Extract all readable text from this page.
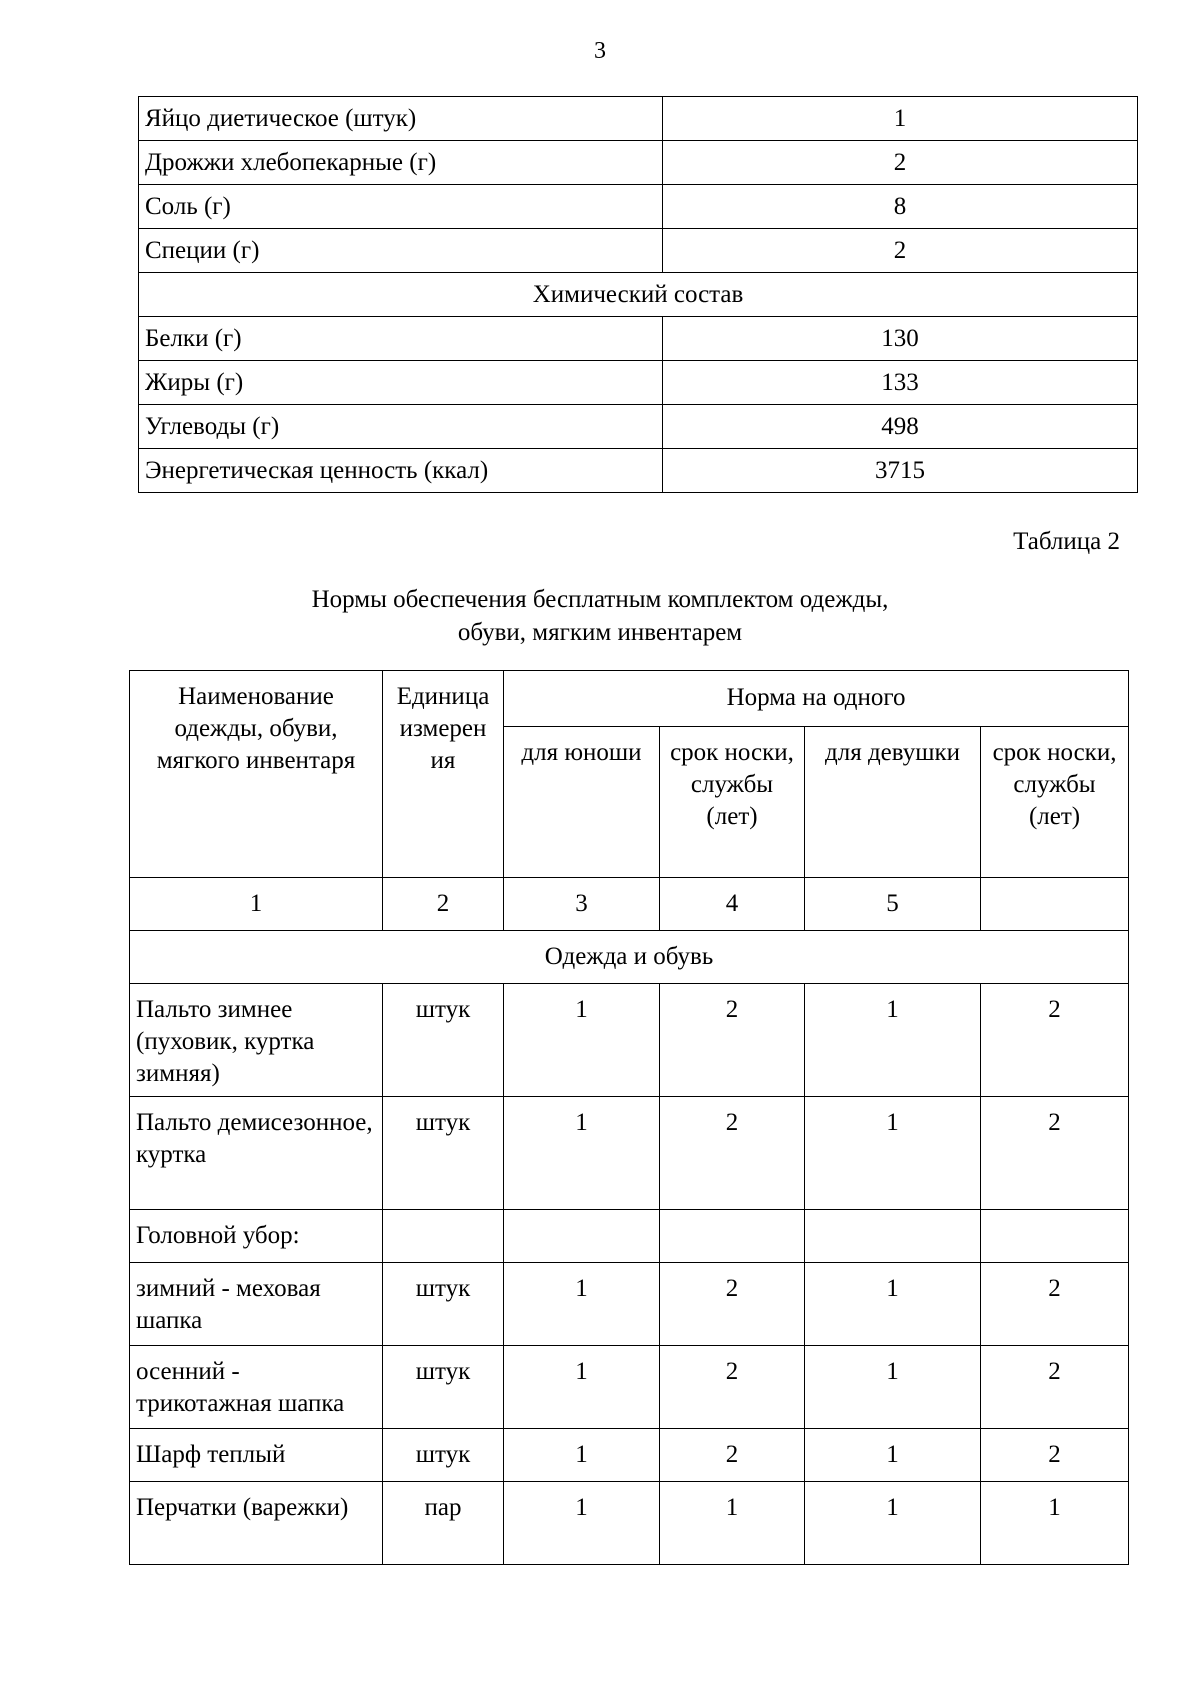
3
Яйцо диетическое (штук)	1
Дрожжи хлебопекарные (г)	2
Соль (г)	8
Специи (г)	2
Химический состав	
Белки (г)	130
Жиры (г)	133
Углеводы (г)	498
Энергетическая ценность (ккал)	3715
Таблица 2
Нормы обеспечения бесплатным комплектом одежды,
обуви, мягким инвентарем
Наименование одежды, обуви, мягкого инвентаря	Единица измерен ия	Норма на одного			
		для юноши	срок носки, службы (лет)	для девушки	срок носки, службы (лет)
1	2	3	4	5	
Одежда и обувь					
Пальто зимнее (пуховик, куртка зимняя)	штук	1	2	1	2
Пальто демисезонное, куртка	штук	1	2	1	2
Головной убор:					
зимний - меховая шапка	штук	1	2	1	2
осенний - трикотажная шапка	штук	1	2	1	2
Шарф теплый	штук	1	2	1	2
Перчатки (варежки)	пар	1	1	1	1
